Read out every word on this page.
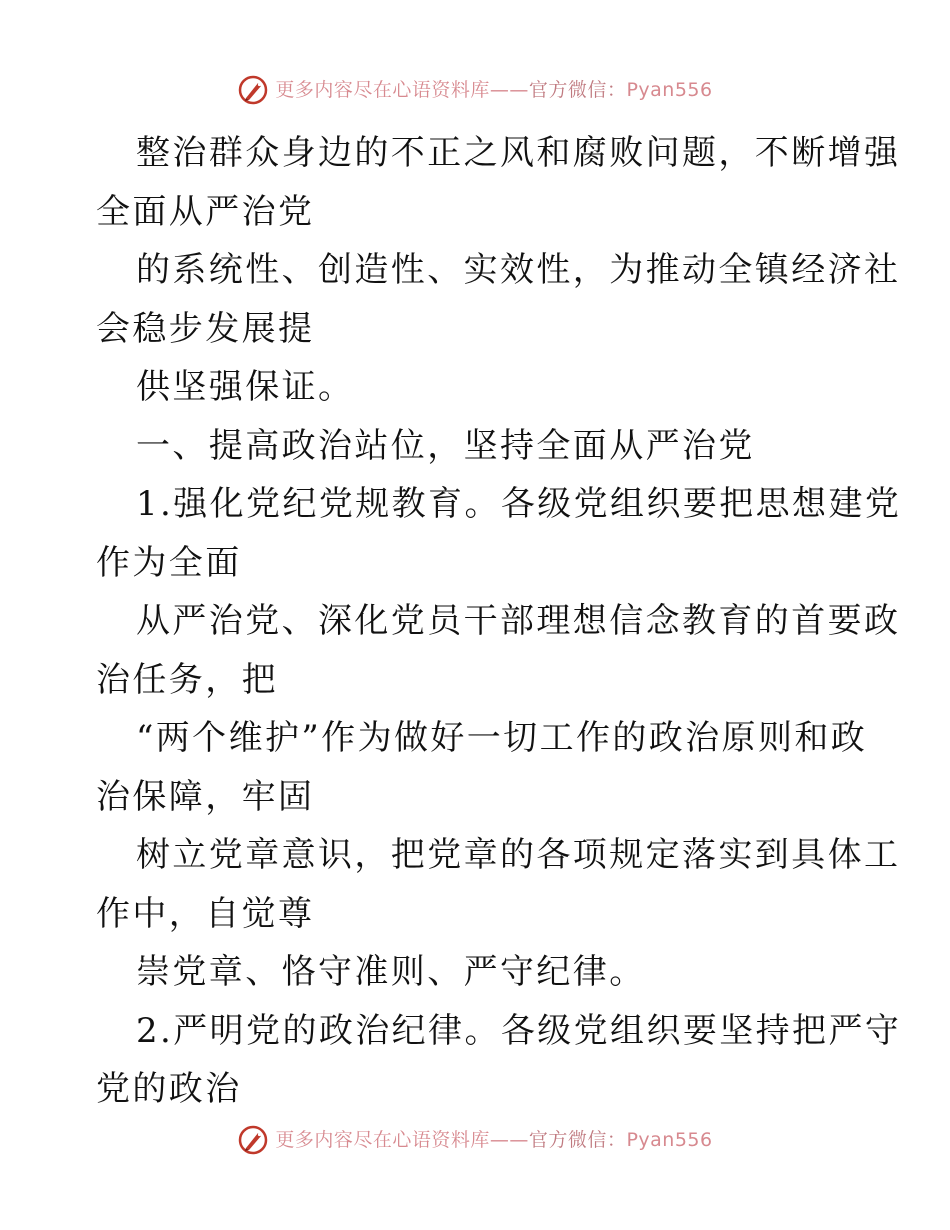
更多内容尽在心语资料库——官方微信：Pyan556
整治群众身边的不正之风和腐败问题，不断增强
全面从严治党
的系统性、创造性、实效性，为推动全镇经济社
会稳步发展提
供坚强保证。
一、提高政治站位，坚持全面从严治党
1.强化党纪党规教育。各级党组织要把思想建党
作为全面
从严治党、深化党员干部理想信念教育的首要政
治任务，把
“两个维护”作为做好一切工作的政治原则和政
治保障，牢固
树立党章意识，把党章的各项规定落实到具体工
作中，自觉尊
崇党章、恪守准则、严守纪律。
2.严明党的政治纪律。各级党组织要坚持把严守
党的政治
更多内容尽在心语资料库——官方微信：Pyan556
